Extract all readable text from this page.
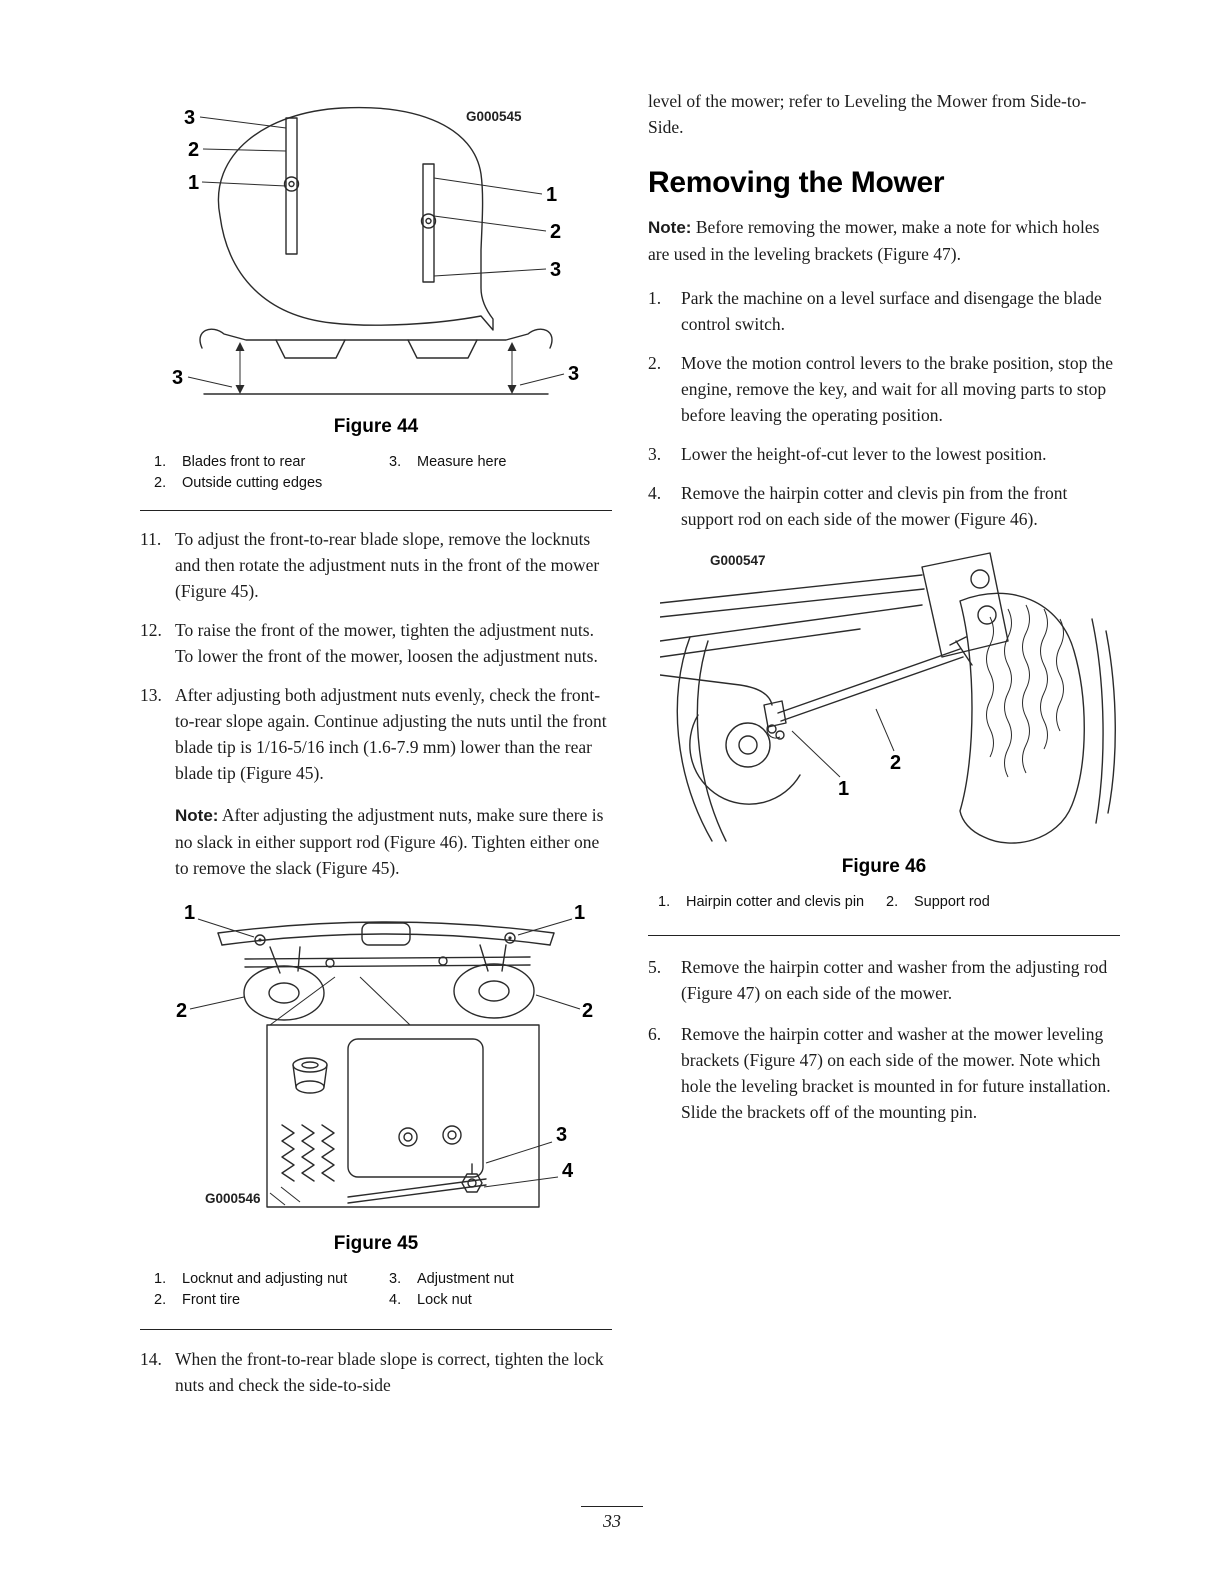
G000545
3
2
1
1
2
3
3	3
Figure 44
1.	Blades front to rear	3.	Measure here
2.	Outside cutting edges
11. To adjust the front-to-rear blade slope, remove the locknuts and then rotate the adjustment nuts in the front of the mower (Figure 45).
12. To raise the front of the mower, tighten the adjustment nuts. To lower the front of the mower, loosen the adjustment nuts.
13. After adjusting both adjustment nuts evenly, check the front-to-rear slope again. Continue adjusting the nuts until the front blade tip is 1/16-5/16 inch (1.6-7.9 mm) lower than the rear blade tip (Figure 45).

Note: After adjusting the adjustment nuts, make sure there is no slack in either support rod (Figure 46). Tighten either one to remove the slack (Figure 45).

1	1
2	2
3
4
G000546
Figure 45
1.	Locknut and adjusting nut	3.	Adjustment nut
2.	Front tire	4.	Lock nut
14. When the front-to-rear blade slope is correct, tighten the lock nuts and check the side-to-side

level of the mower; refer to Leveling the Mower from Side-to-Side.

Removing the Mower

Note: Before removing the mower, make a note for which holes are used in the leveling brackets (Figure 47).

1.	Park the machine on a level surface and disengage the blade control switch.
2.	Move the motion control levers to the brake position, stop the engine, remove the key, and wait for all moving parts to stop before leaving the operating position.
3.	Lower the height-of-cut lever to the lowest position.
4.	Remove the hairpin cotter and clevis pin from the front support rod on each side of the mower (Figure 46).
G000547
1
2
Figure 46
1.	Hairpin cotter and clevis pin	2.	Support rod
5.	Remove the hairpin cotter and washer from the adjusting rod (Figure 47) on each side of the mower.
6.	Remove the hairpin cotter and washer at the mower leveling brackets (Figure 47) on each side of the mower. Note which hole the leveling bracket is mounted in for future installation. Slide the brackets off of the mounting pin.
33
